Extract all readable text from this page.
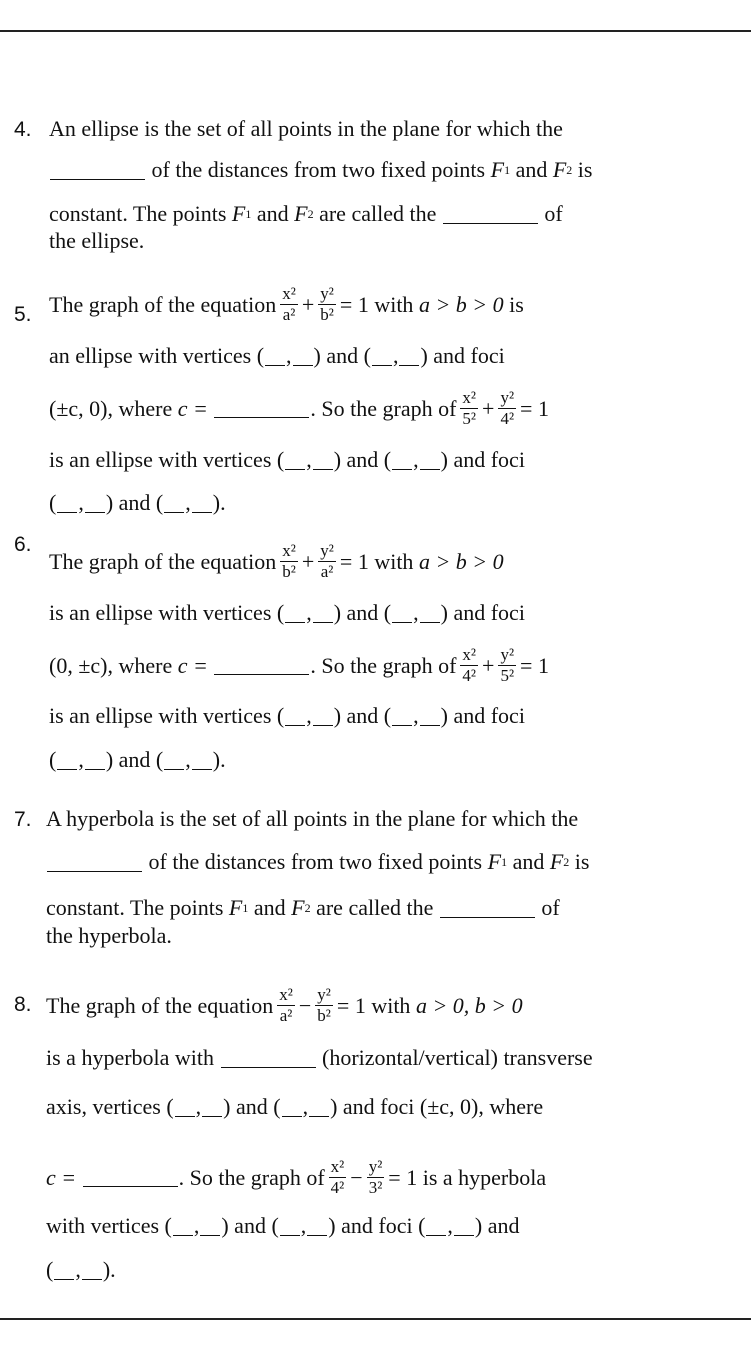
4. An ellipse is the set of all points in the plane for which the

of the distances from two fixed points
F 1
and
F 2
is
constant. The points
F 1
and
F 2
are called the

	of
the ellipse.
5. The graph of the equation $\frac{\text{x²}}{\text{a²}} + \frac{\text{y²}}{\text{b²}} = 1$ with
a > b > 0
is
an ellipse with vertices ( , ) and ( , ) and foci
(±c, 0) , where
c =
	. So the graph of $\frac{\text{x²}}{\text{5²}} + \frac{\text{y²}}{\text{4²}} = 1$
is an ellipse with vertices ( , ) and ( , ) and foci
( , ) and ( , ).
6.
The graph of the equation $\frac{\text{x²}}{\text{b²}} + \frac{\text{y²}}{\text{a²}} = 1$ with
a > b > 0
is an ellipse with vertices ( , ) and ( , ) and foci
(0, ±c) , where
c =
	. So the graph of $\frac{\text{x²}}{\text{4²}} + \frac{\text{y²}}{\text{5²}} = 1$
is an ellipse with vertices ( , ) and ( , ) and foci
( , ) and ( , ).
7. A hyperbola is the set of all points in the plane for which the

of the distances from two fixed points
F 1
and
F 2
is
constant. The points
F 1
and
F 2
are called the

	of
the hyperbola.
8. The graph of the equation $\frac{\text{x²}}{\text{a²}} - \frac{\text{y²}}{\text{b²}} = 1$ with
a > 0, b > 0
is a hyperbola with

	(horizontal/vertical) transverse
axis, vertices ( , ) and ( , ) and foci
(±c, 0) , where
c =
	. So the graph of $\frac{\text{x²}}{\text{4²}} - \frac{\text{y²}}{\text{3²}} = 1$ is a hyperbola
with vertices ( , ) and ( , ) and foci ( , ) and
( , ).
